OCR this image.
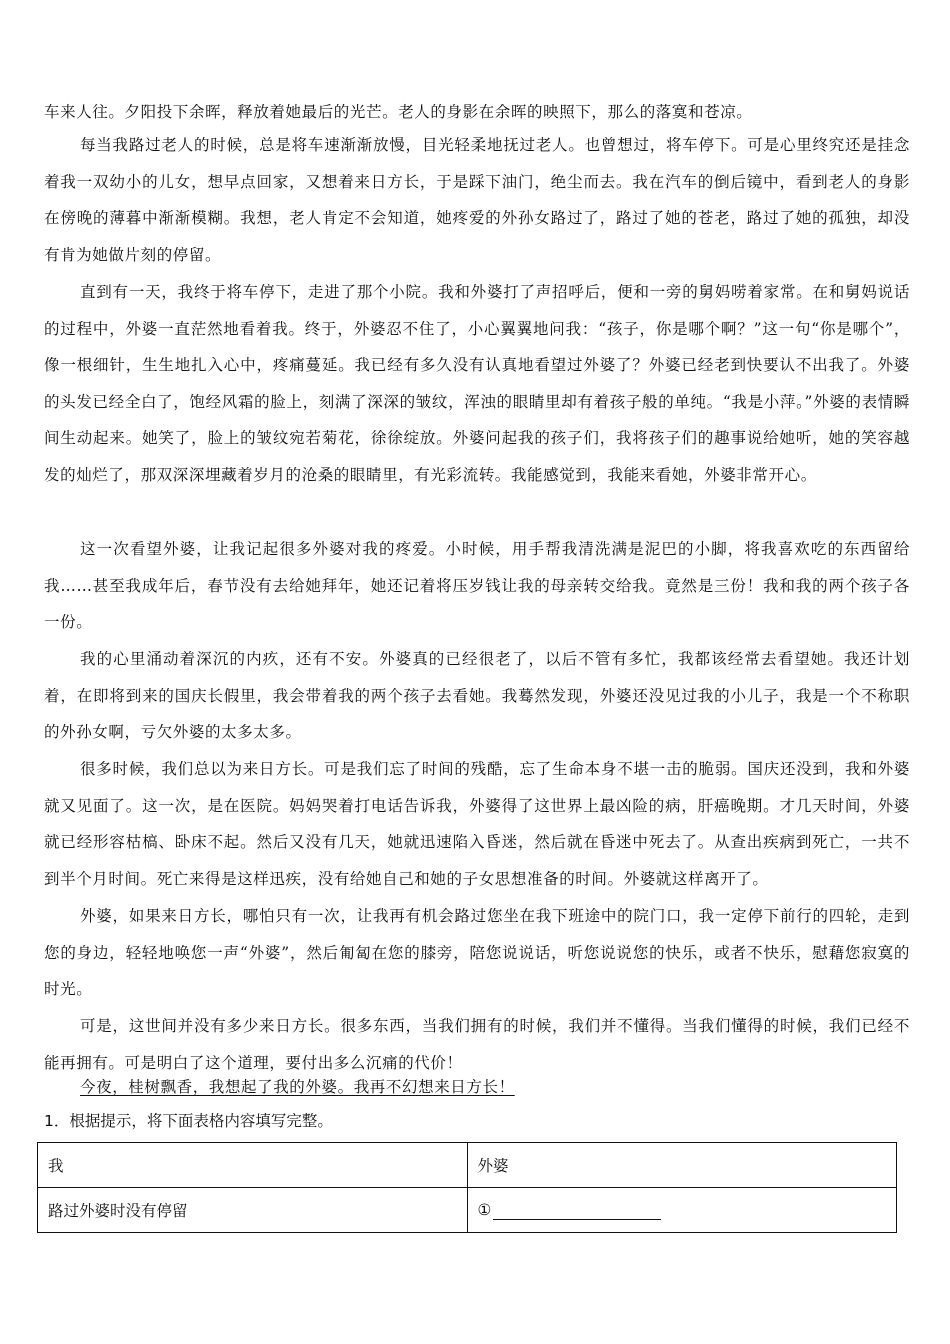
车来人往。夕阳投下余晖，释放着她最后的光芒。老人的身影在余晖的映照下，那么的落寞和苍凉。

每当我路过老人的时候，总是将车速渐渐放慢，目光轻柔地抚过老人。也曾想过，将车停下。可是心里终究还是挂念着我一双幼小的儿女，想早点回家，又想着来日方长，于是踩下油门，绝尘而去。我在汽车的倒后镜中，看到老人的身影在傍晚的薄暮中渐渐模糊。我想，老人肯定不会知道，她疼爱的外孙女路过了，路过了她的苍老，路过了她的孤独，却没有肯为她做片刻的停留。

直到有一天，我终于将车停下，走进了那个小院。我和外婆打了声招呼后，便和一旁的舅妈唠着家常。在和舅妈说话的过程中，外婆一直茫然地看着我。终于，外婆忍不住了，小心翼翼地问我：“孩子，你是哪个啊？”这一句“你是哪个”，像一根细针，生生地扎入心中，疼痛蔓延。我已经有多久没有认真地看望过外婆了？外婆已经老到快要认不出我了。外婆的头发已经全白了，饱经风霜的脸上，刻满了深深的皱纹，浑浊的眼睛里却有着孩子般的单纯。“我是小萍。”外婆的表情瞬间生动起来。她笑了，脸上的皱纹宛若菊花，徐徐绽放。外婆问起我的孩子们，我将孩子们的趣事说给她听，她的笑容越发的灿烂了，那双深深埋藏着岁月的沧桑的眼睛里，有光彩流转。我能感觉到，我能来看她，外婆非常开心。

这一次看望外婆，让我记起很多外婆对我的疼爱。小时候，用手帮我清洗满是泥巴的小脚，将我喜欢吃的东西留给我……甚至我成年后，春节没有去给她拜年，她还记着将压岁钱让我的母亲转交给我。竟然是三份！我和我的两个孩子各一份。

我的心里涌动着深沉的内疚，还有不安。外婆真的已经很老了，以后不管有多忙，我都该经常去看望她。我还计划着，在即将到来的国庆长假里，我会带着我的两个孩子去看她。我蓦然发现，外婆还没见过我的小儿子，我是一个不称职的外孙女啊，亏欠外婆的太多太多。

很多时候，我们总以为来日方长。可是我们忘了时间的残酷，忘了生命本身不堪一击的脆弱。国庆还没到，我和外婆就又见面了。这一次，是在医院。妈妈哭着打电话告诉我，外婆得了这世界上最凶险的病，肝癌晚期。才几天时间，外婆就已经形容枯槁、卧床不起。然后又没有几天，她就迅速陷入昏迷，然后就在昏迷中死去了。从查出疾病到死亡，一共不到半个月时间。死亡来得是这样迅疾，没有给她自己和她的子女思想准备的时间。外婆就这样离开了。

外婆，如果来日方长，哪怕只有一次，让我再有机会路过您坐在我下班途中的院门口，我一定停下前行的四轮，走到您的身边，轻轻地唤您一声“外婆”，然后匍匐在您的膝旁，陪您说说话，听您说说您的快乐，或者不快乐，慰藉您寂寞的时光。

可是，这世间并没有多少来日方长。很多东西，当我们拥有的时候，我们并不懂得。当我们懂得的时候，我们已经不能再拥有。可是明白了这个道理，要付出多么沉痛的代价！

今夜，桂树飘香，我想起了我的外婆。我再不幻想来日方长！

1．根据提示，将下面表格内容填写完整。

我	外婆
路过外婆时没有停留	①
